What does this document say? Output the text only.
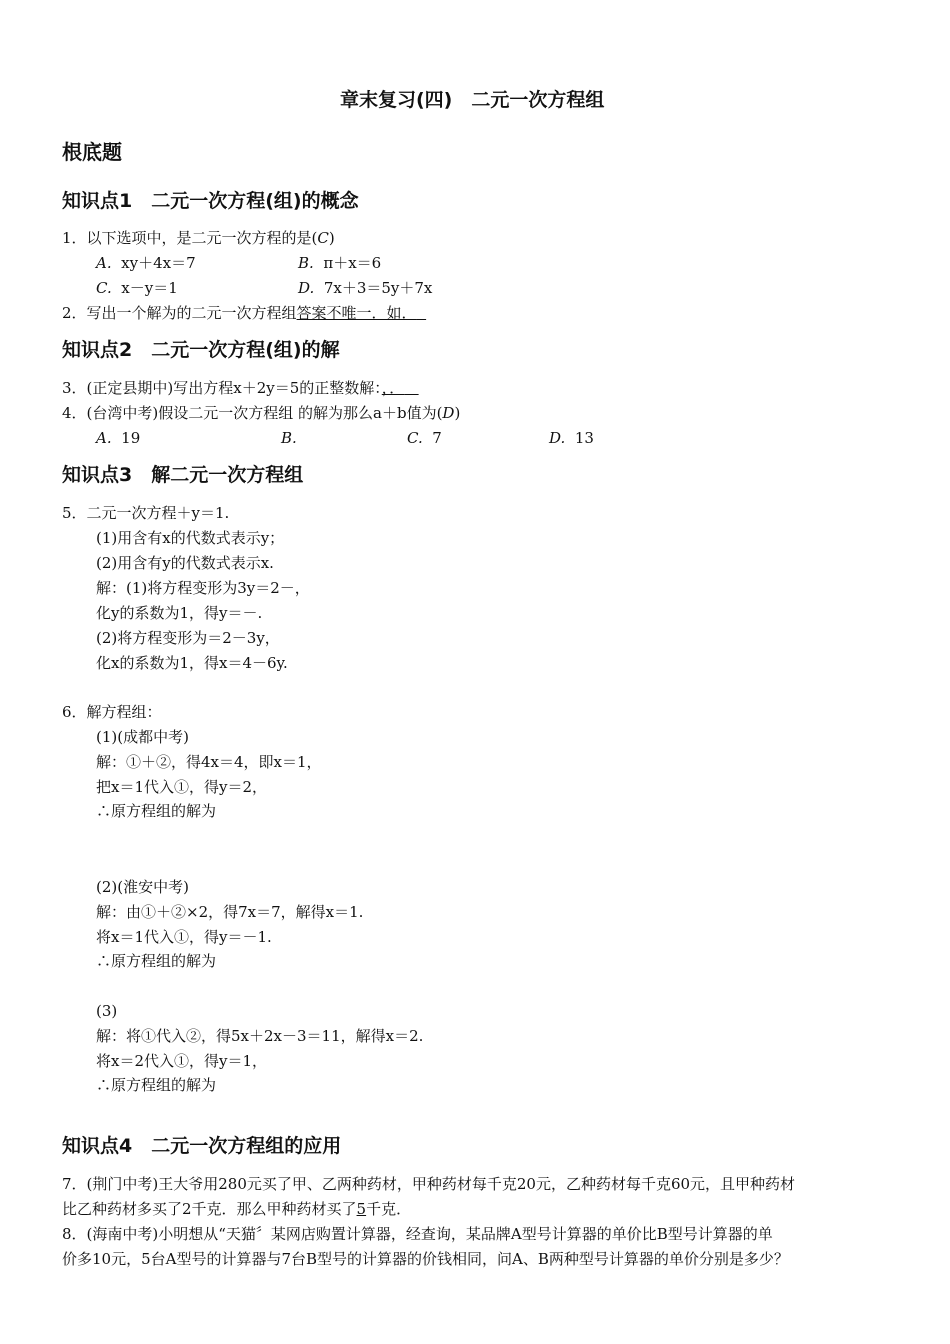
章末复习(四)　二元一次方程组
根底题
知识点1　二元一次方程(组)的概念
1．以下选项中，是二元一次方程的是(C)
A. xy＋4x＝7	B. π＋x＝6
C. x－y＝1	D. 7x＋3＝5y＋7x
2．写出一个解为的二元一次方程组答案不唯一．如．
知识点2　二元一次方程(组)的解
3．(正定县期中)写出方程x＋2y＝5的正整数解：，．
4．(台湾中考)假设二元一次方程组 的解为那么a＋b值为(D)
A. 19	B.	C. 7	D. 13
知识点3　解二元一次方程组
5．二元一次方程＋y＝1.
(1)用含有x的代数式表示y；
(2)用含有y的代数式表示x.
解：(1)将方程变形为3y＝2－，
化y的系数为1，得y＝－.
(2)将方程变形为＝2－3y，
化x的系数为1，得x＝4－6y.
6．解方程组：
(1)(成都中考)
解：①＋②，得4x＝4，即x＝1，
把x＝1代入①，得y＝2，
∴原方程组的解为
(2)(淮安中考)
解：由①＋②×2，得7x＝7，解得x＝1.
将x＝1代入①，得y＝－1.
∴原方程组的解为
(3)
解：将①代入②，得5x＋2x－3＝11，解得x＝2.
将x＝2代入①，得y＝1，
∴原方程组的解为
知识点4　二元一次方程组的应用
7．(荆门中考)王大爷用280元买了甲、乙两种药材，甲种药材每千克20元，乙种药材每千克60元，且甲种药材
比乙种药材多买了2千克．那么甲种药材买了5千克．
8．(海南中考)小明想从“天猫〞某网店购置计算器，经查询，某品牌A型号计算器的单价比B型号计算器的单
价多10元，5台A型号的计算器与7台B型号的计算器的价钱相同，问A、B两种型号计算器的单价分别是多少？
